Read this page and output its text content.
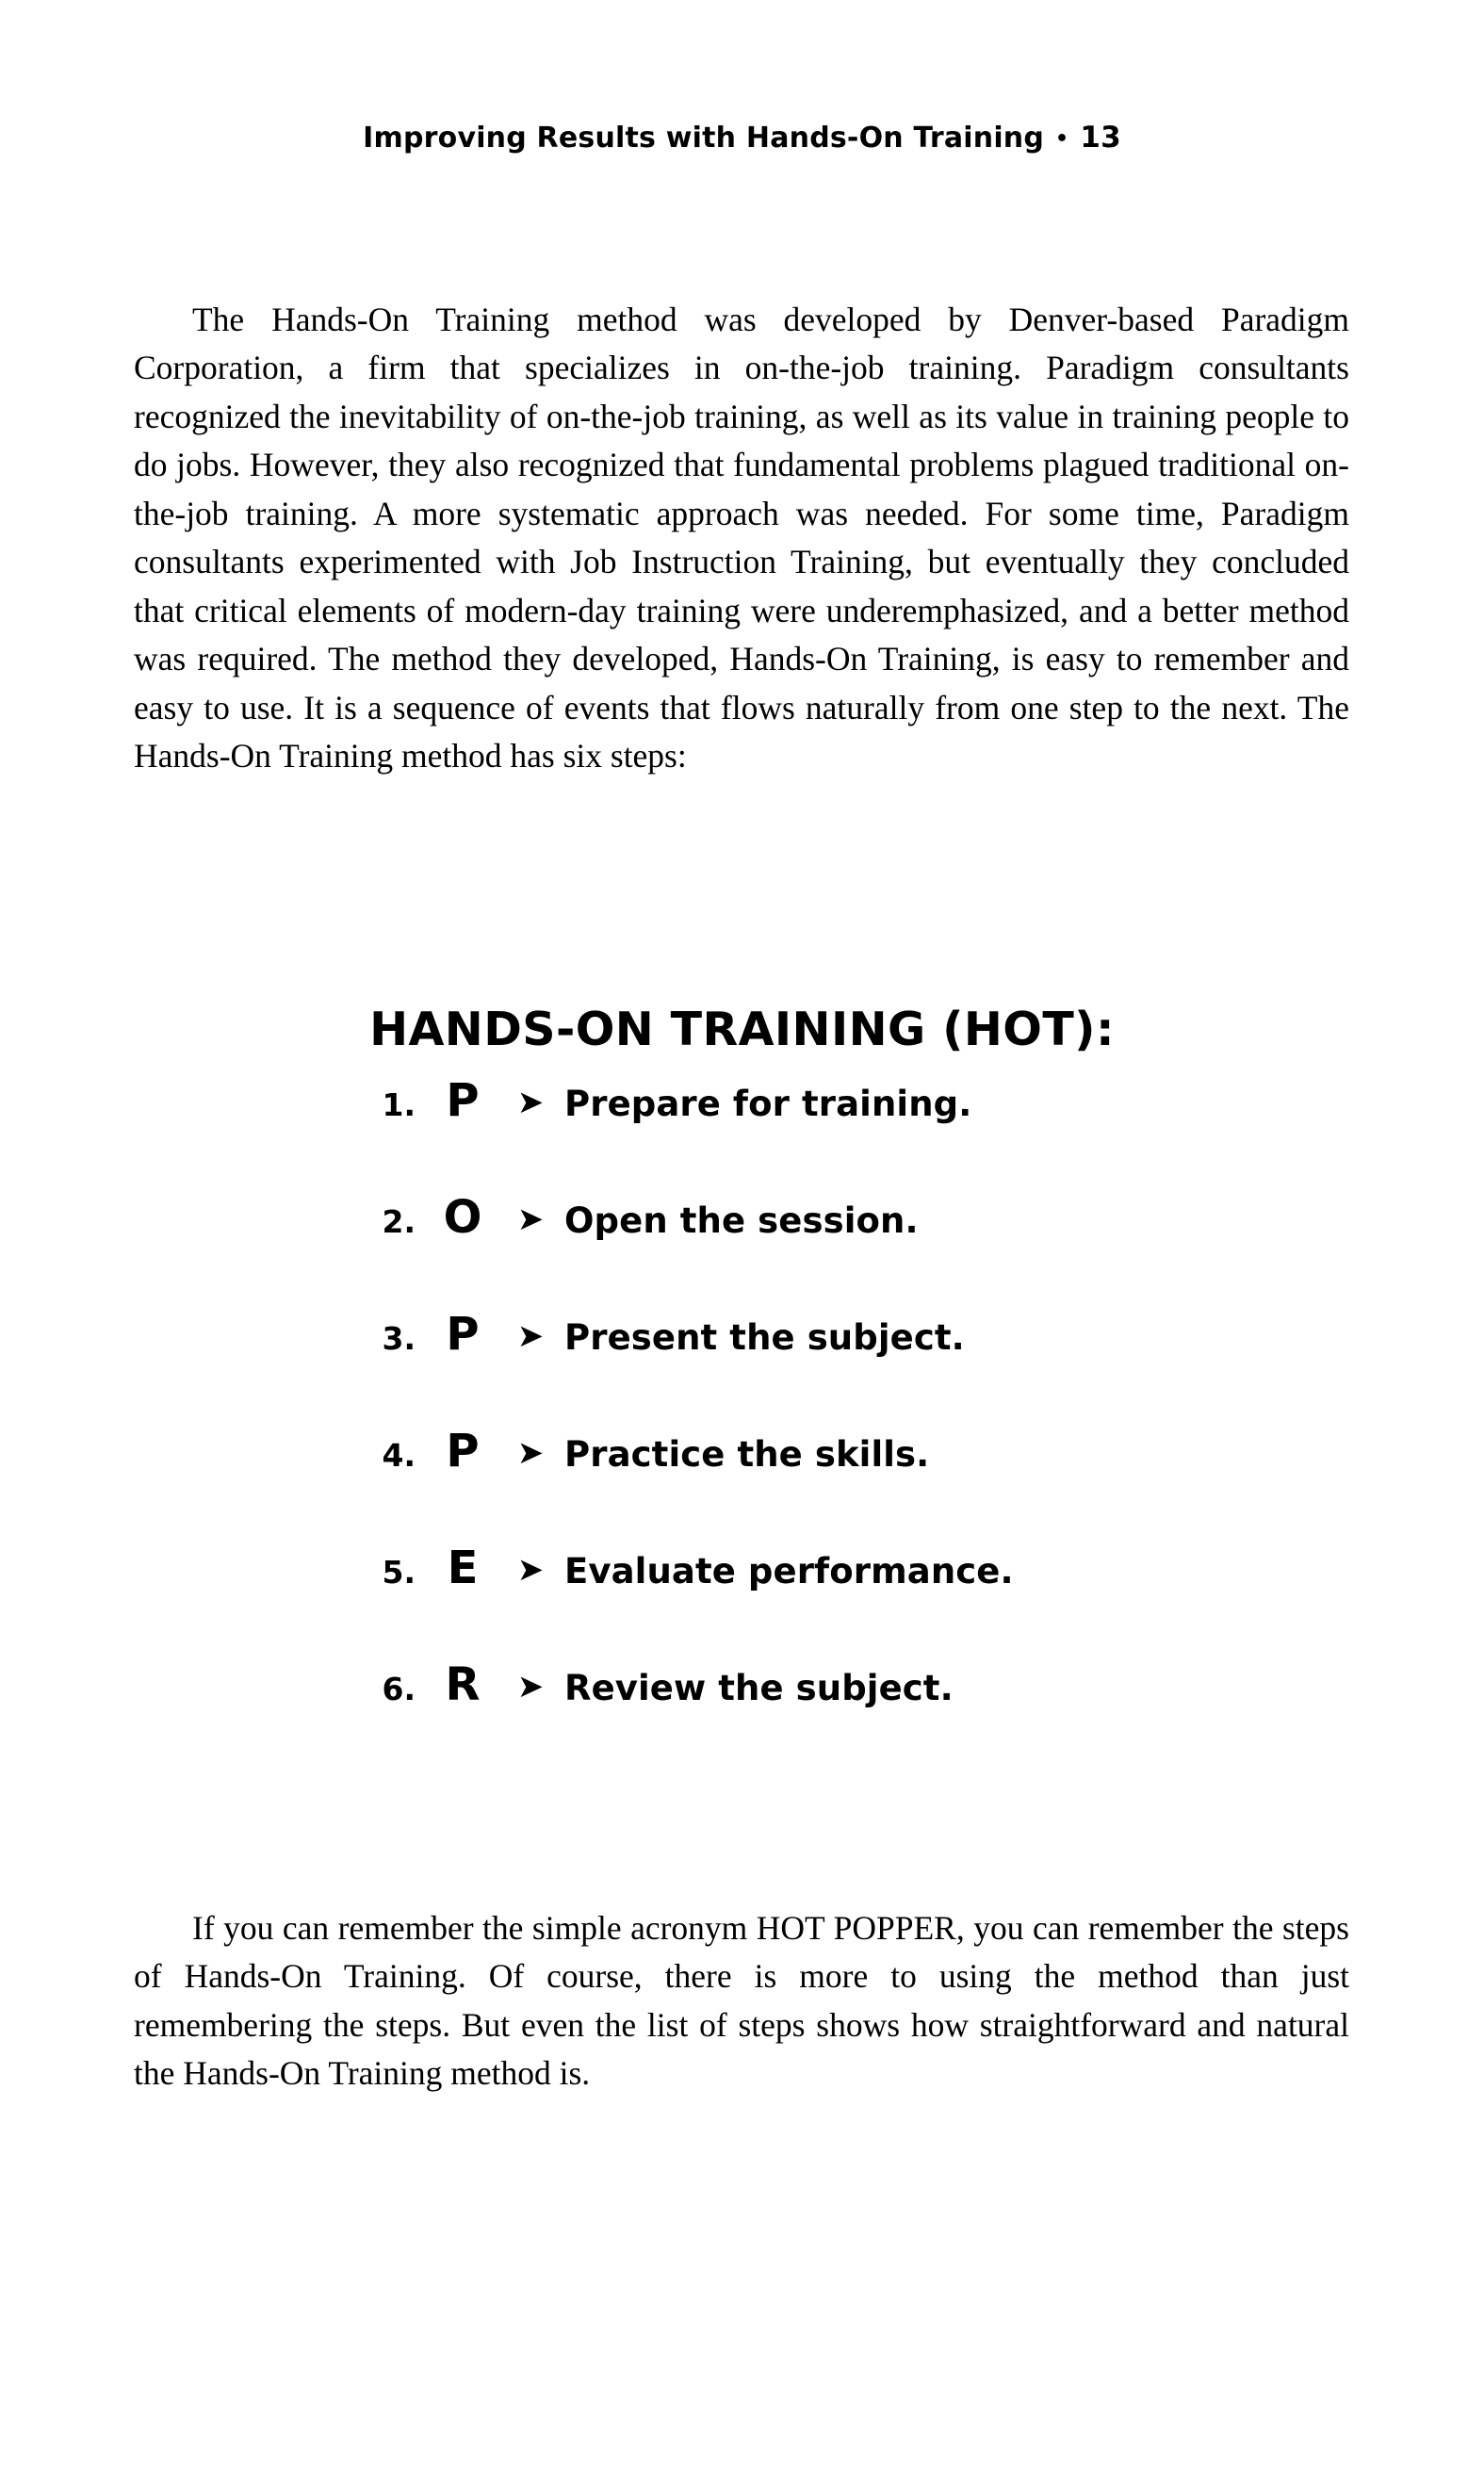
Improving Results with Hands-On Training • 13

The Hands-On Training method was developed by Denver-based Paradigm Corporation, a firm that specializes in on-the-job training. Paradigm consultants recognized the inevitability of on-the-job training, as well as its value in training people to do jobs. However, they also recognized that fundamental problems plagued traditional on-the-job training. A more systematic approach was needed. For some time, Paradigm consultants experimented with Job Instruction Training, but eventually they concluded that critical elements of modern-day training were underemphasized, and a better method was required. The method they developed, Hands-On Training, is easy to remember and easy to use. It is a sequence of events that flows naturally from one step to the next. The Hands-On Training method has six steps:

HANDS-ON TRAINING (HOT):
1. P	➤ Prepare for training.
2. O	➤ Open the session.
3. P	➤ Present the subject.
4. P	➤ Practice the skills.
5. E	➤ Evaluate performance.
6. R	➤ Review the subject.

If you can remember the simple acronym HOT POPPER, you can remember the steps of Hands-On Training. Of course, there is more to using the method than just remembering the steps. But even the list of steps shows how straightforward and natural the Hands-On Training method is.
